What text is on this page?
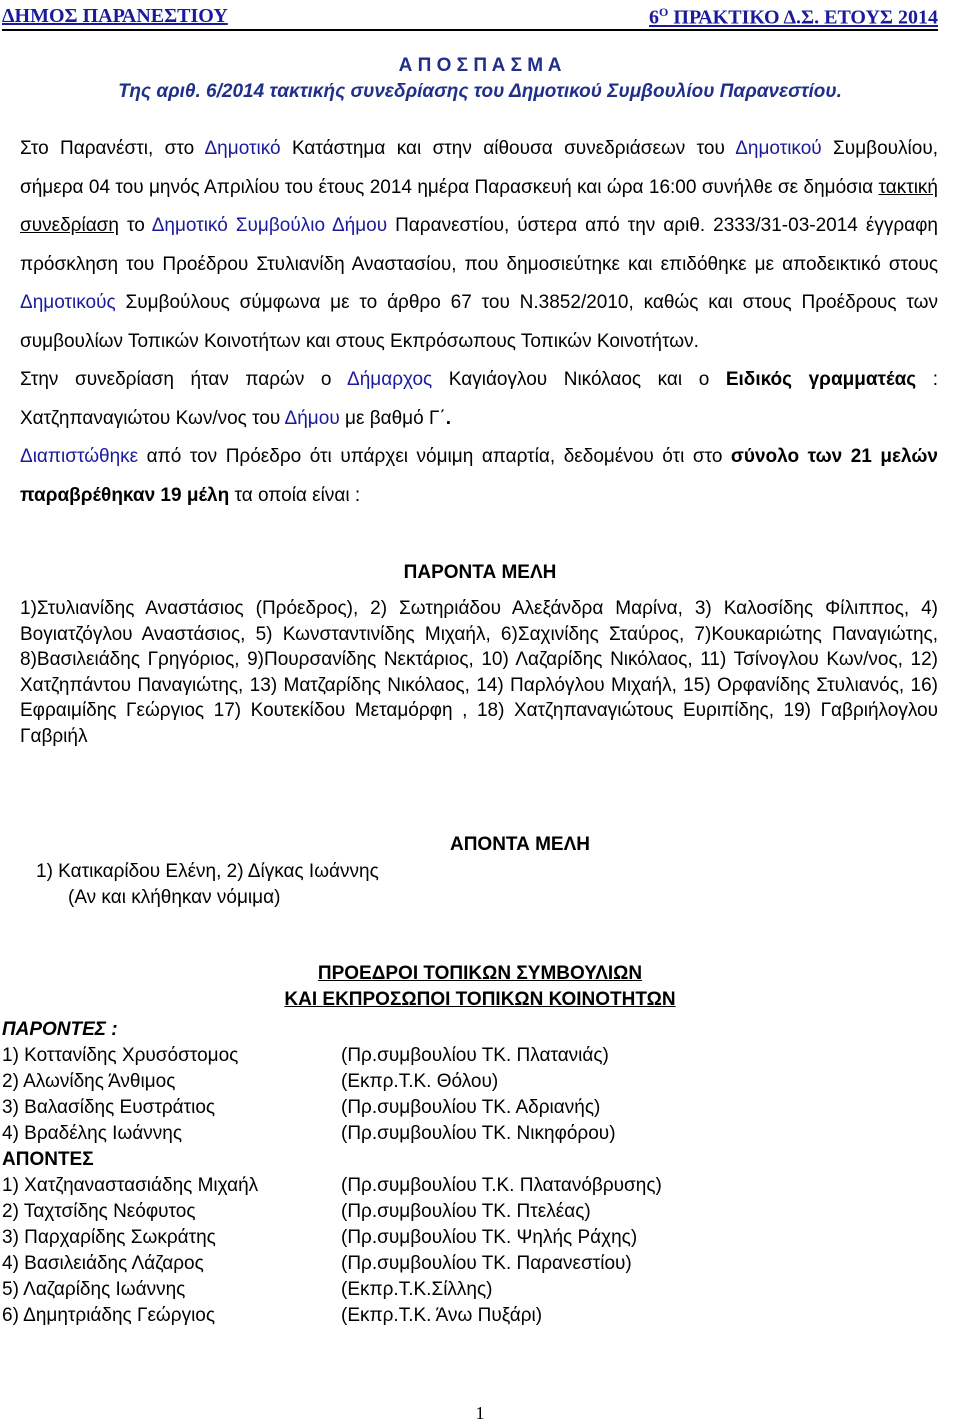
ΔΗΜΟΣ ΠΑΡΑΝΕΣΤΙΟΥ	$6^O$ ΠΡΑΚΤΙΚΟ Δ.Σ. ΕΤΟΥΣ 2014
Α Π Ο Σ Π Α Σ Μ Α
Της αριθ. 6/2014 τακτικής συνεδρίασης του Δημοτικού Συμβουλίου Παρανεστίου.

Στο Παρανέστι, στο Δημοτικό Κατάστημα και στην αίθουσα συνεδριάσεων του Δημοτικού Συμβουλίου, σήμερα 04 του μηνός Απριλίου του έτους 2014 ημέρα Παρασκευή και ώρα 16:00 συνήλθε σε δημόσια τακτική συνεδρίαση το Δημοτικό Συμβούλιο Δήμου Παρανεστίου, ύστερα από την αριθ. 2333/31-03-2014 έγγραφη πρόσκληση του Προέδρου Στυλιανίδη Αναστασίου, που δημοσιεύτηκε και επιδόθηκε με αποδεικτικό στους Δημοτικούς Συμβούλους σύμφωνα με το άρθρο 67 του Ν.3852/2010, καθώς και στους Προέδρους των συμβουλίων Τοπικών Κοινοτήτων και στους Εκπρόσωπους Τοπικών Κοινοτήτων.

Στην συνεδρίαση ήταν παρών ο Δήμαρχος Καγιάογλου Νικόλαος και ο Ειδικός γραμματέας : Χατζηπαναγιώτου Κων/νος του Δήμου με βαθμό Γ΄.

Διαπιστώθηκε από τον Πρόεδρο ότι υπάρχει νόμιμη απαρτία, δεδομένου ότι στο σύνολο των 21 μελών παραβρέθηκαν 19 μέλη τα οποία είναι :

ΠΑΡΟΝΤΑ ΜΕΛΗ
1)Στυλιανίδης Αναστάσιος (Πρόεδρος), 2) Σωτηριάδου Αλεξάνδρα Μαρίνα, 3) Καλοσίδης Φίλιππος, 4) Βογιατζόγλου Αναστάσιος, 5) Κωνσταντινίδης Μιχαήλ, 6)Σαχινίδης Σταύρος, 7)Κουκαριώτης Παναγιώτης, 8)Βασιλειάδης Γρηγόριος, 9)Πουρσανίδης Νεκτάριος, 10) Λαζαρίδης Νικόλαος, 11) Τσίνογλου Κων/νος, 12) Χατζηπάντου Παναγιώτης, 13) Ματζαρίδης Νικόλαος, 14) Παρλόγλου Μιχαήλ, 15) Ορφανίδης Στυλιανός, 16) Εφραιμίδης Γεώργιος 17) Κουτεκίδου Μεταμόρφη , 18) Χατζηπαναγιώτους Ευριπίδης, 19) Γαβριήλογλου Γαβριήλ
ΑΠΟΝΤΑ ΜΕΛΗ
1) Κατικαρίδου Ελένη, 2) Δίγκας Ιωάννης
(Αν και κλήθηκαν νόμιμα)
ΠΡΟΕΔΡΟΙ ΤΟΠΙΚΩΝ ΣΥΜΒΟΥΛΙΩΝ
ΚΑΙ ΕΚΠΡΟΣΩΠΟΙ ΤΟΠΙΚΩΝ ΚΟΙΝΟΤΗΤΩΝ
ΠΑΡΟΝΤΕΣ :
1) Κοττανίδης Χρυσόστομος	(Πρ.συμβουλίου ΤΚ. Πλατανιάς)
2) Αλωνίδης Άνθιμος	(Εκπρ.Τ.Κ. Θόλου)
3) Βαλασίδης Ευστράτιος	(Πρ.συμβουλίου ΤΚ. Αδριανής)
4) Βραδέλης Ιωάννης	(Πρ.συμβουλίου ΤΚ. Νικηφόρου)
ΑΠΟΝΤΕΣ
1) Χατζηαναστασιάδης Μιχαήλ	(Πρ.συμβουλίου Τ.Κ. Πλατανόβρυσης)
2) Ταχτσίδης Νεόφυτος	(Πρ.συμβουλίου ΤΚ. Πτελέας)
3) Παρχαρίδης Σωκράτης	(Πρ.συμβουλίου ΤΚ. Ψηλής Ράχης)
4) Βασιλειάδης Λάζαρος	(Πρ.συμβουλίου ΤΚ. Παρανεστίου)
5) Λαζαρίδης Ιωάννης	(Εκπρ.Τ.Κ.Σίλλης)
6) Δημητριάδης Γεώργιος	(Εκπρ.Τ.Κ. Άνω Πυξάρι)
1
